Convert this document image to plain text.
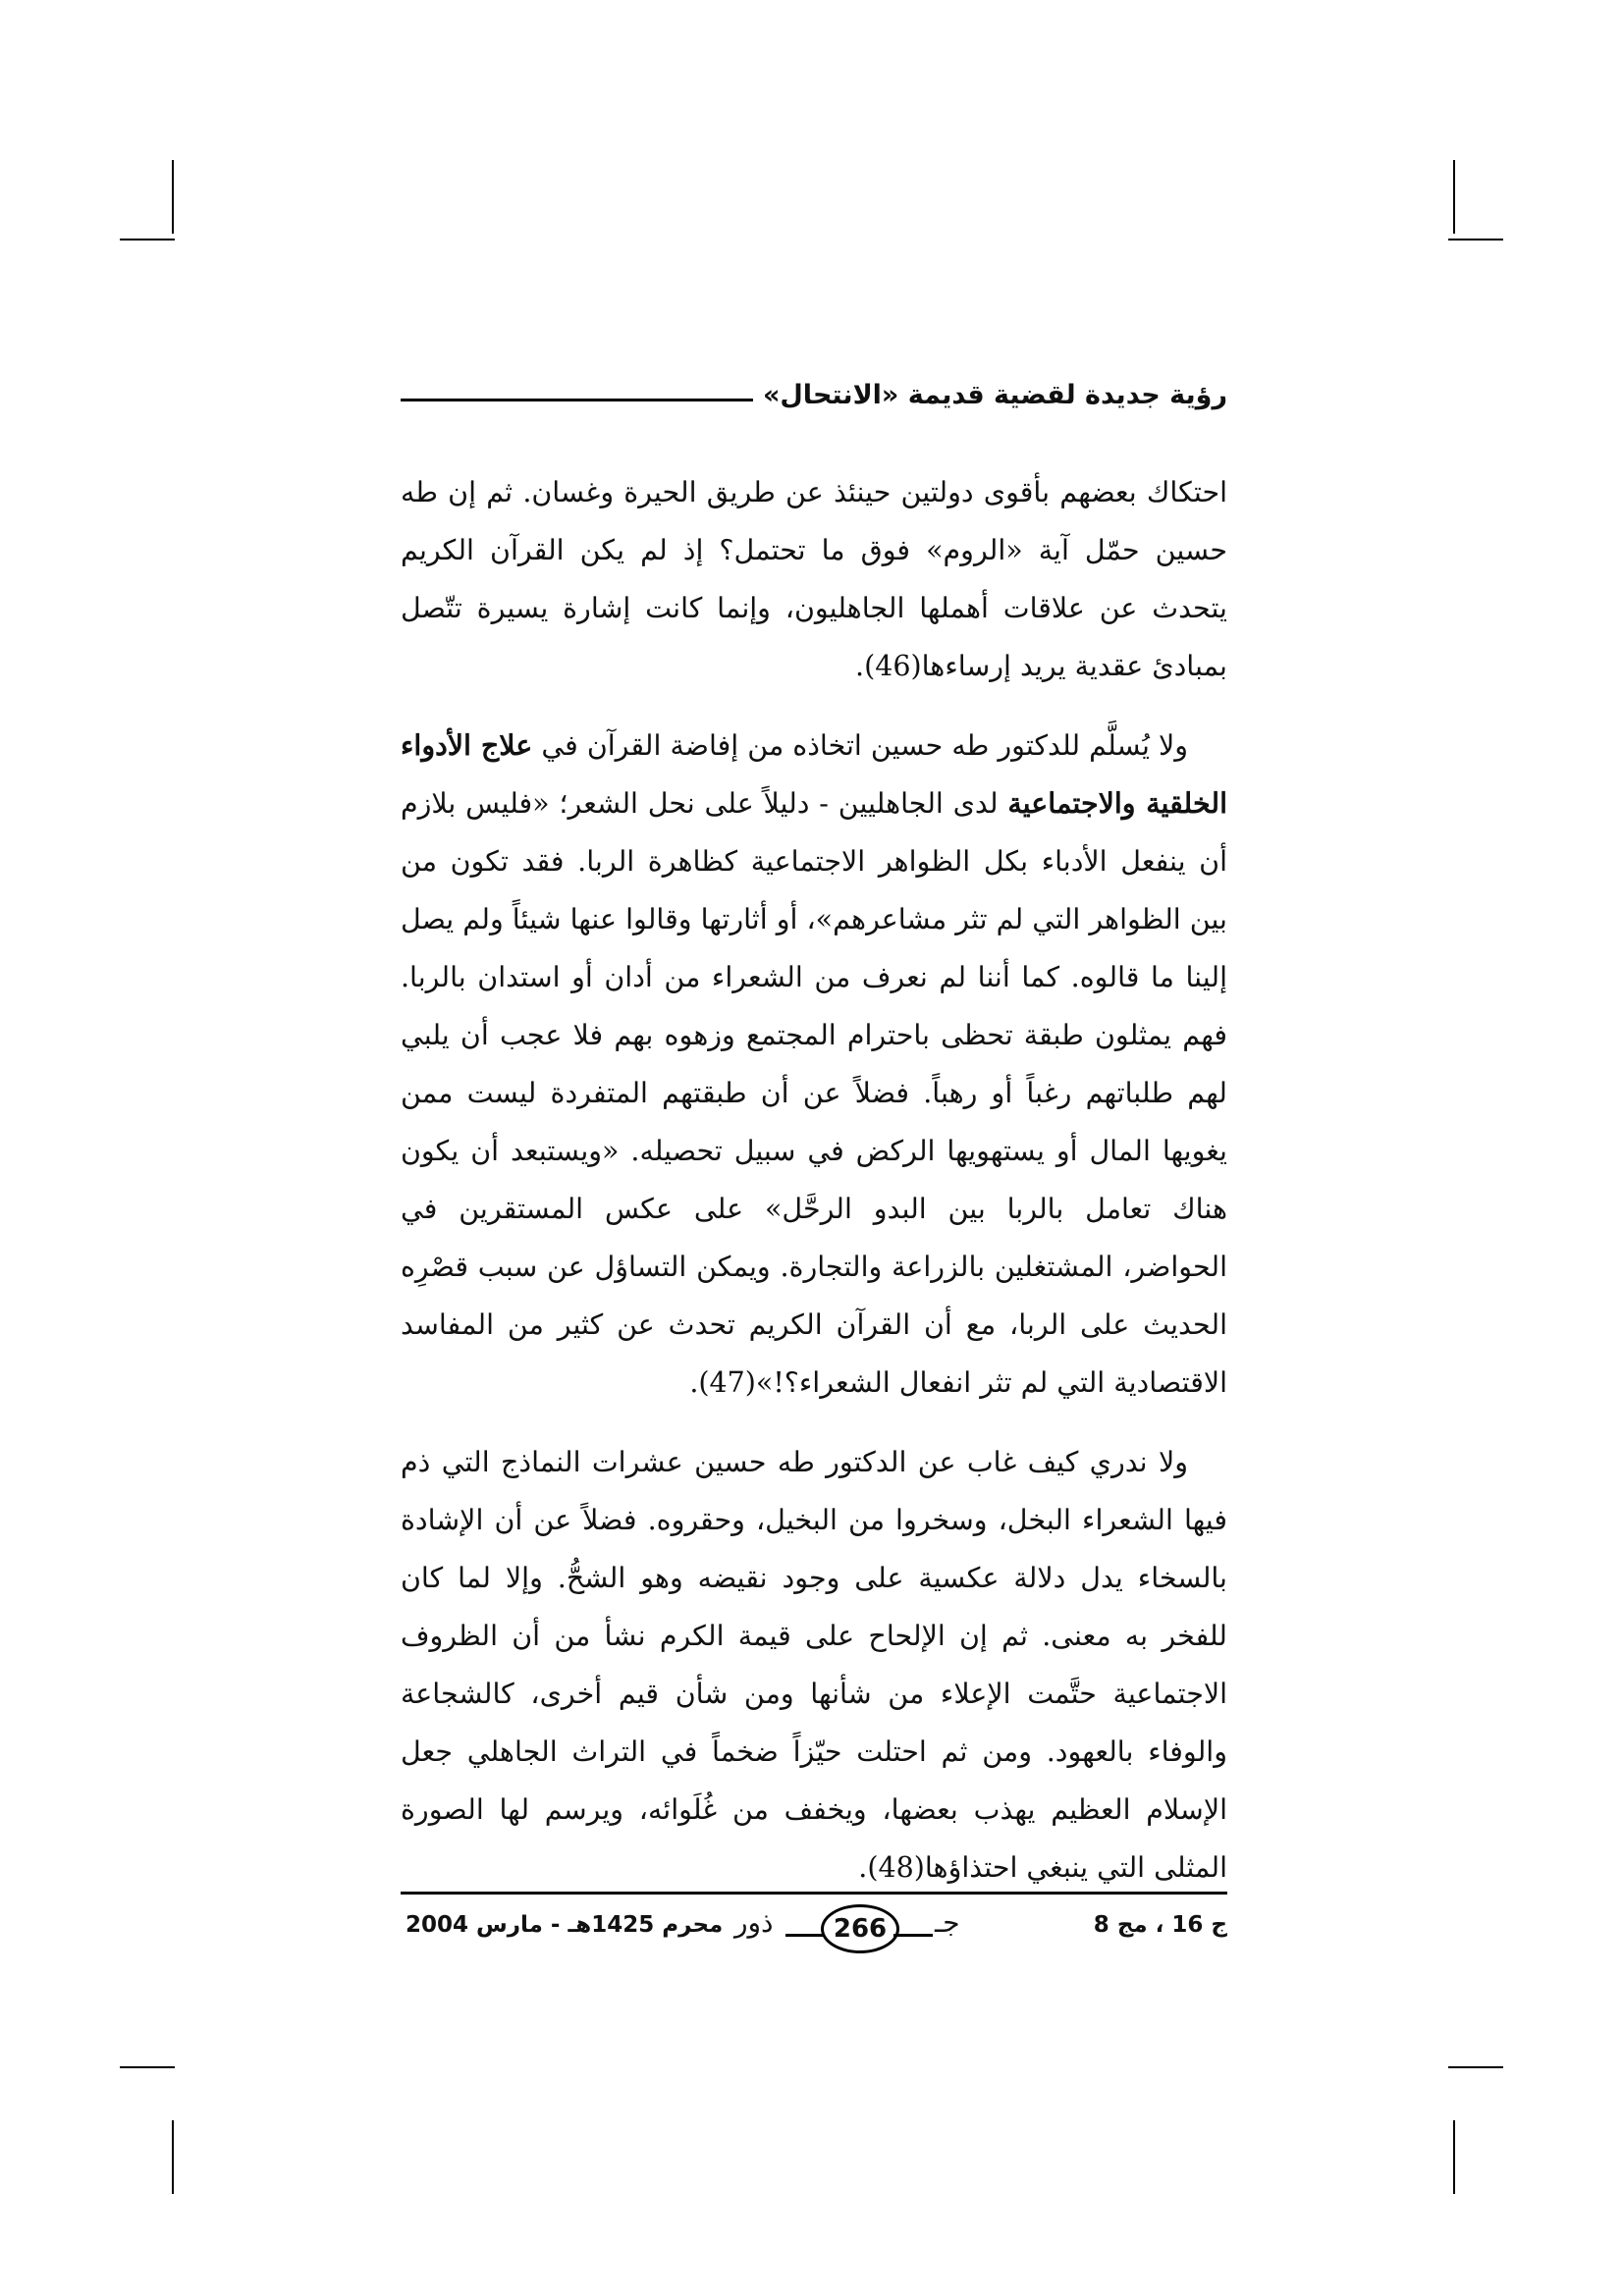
رؤية جديدة لقضية قديمة «الانتحال»

احتكاك بعضهم بأقوى دولتين حينئذ عن طريق الحيرة وغسان. ثم إن طه حسين حمّل آية «الروم» فوق ما تحتمل؟ إذ لم يكن القرآن الكريم يتحدث عن علاقات أهملها الجاهليون، وإنما كانت إشارة يسيرة تتّصل بمبادئ عقدية يريد إرساءها(46).

ولا يُسلَّم للدكتور طه حسين اتخاذه من إفاضة القرآن في علاج الأدواء الخلقية والاجتماعية لدى الجاهليين - دليلاً على نحل الشعر؛ «فليس بلازم أن ينفعل الأدباء بكل الظواهر الاجتماعية كظاهرة الربا. فقد تكون من بين الظواهر التي لم تثر مشاعرهم»، أو أثارتها وقالوا عنها شيئاً ولم يصل إلينا ما قالوه. كما أننا لم نعرف من الشعراء من أدان أو استدان بالربا. فهم يمثلون طبقة تحظى باحترام المجتمع وزهوه بهم فلا عجب أن يلبي لهم طلباتهم رغباً أو رهباً. فضلاً عن أن طبقتهم المتفردة ليست ممن يغويها المال أو يستهويها الركض في سبيل تحصيله. «ويستبعد أن يكون هناك تعامل بالربا بين البدو الرحَّل» على عكس المستقرين في الحواضر، المشتغلين بالزراعة والتجارة. ويمكن التساؤل عن سبب قصْرِه الحديث على الربا، مع أن القرآن الكريم تحدث عن كثير من المفاسد الاقتصادية التي لم تثر انفعال الشعراء؟!»(47).

ولا ندري كيف غاب عن الدكتور طه حسين عشرات النماذج التي ذم فيها الشعراء البخل، وسخروا من البخيل، وحقروه. فضلاً عن أن الإشادة بالسخاء يدل دلالة عكسية على وجود نقيضه وهو الشحُّ. وإلا لما كان للفخر به معنى. ثم إن الإلحاح على قيمة الكرم نشأ من أن الظروف الاجتماعية حتَّمت الإعلاء من شأنها ومن شأن قيم أخرى، كالشجاعة والوفاء بالعهود. ومن ثم احتلت حيّزاً ضخماً في التراث الجاهلي جعل الإسلام العظيم يهذب بعضها، ويخفف من غُلَوائه، ويرسم لها الصورة المثلى التي ينبغي احتذاؤها(48).

ج 16 ، مج 8
ذور	266	جـ
محرم 1425هـ - مارس 2004
